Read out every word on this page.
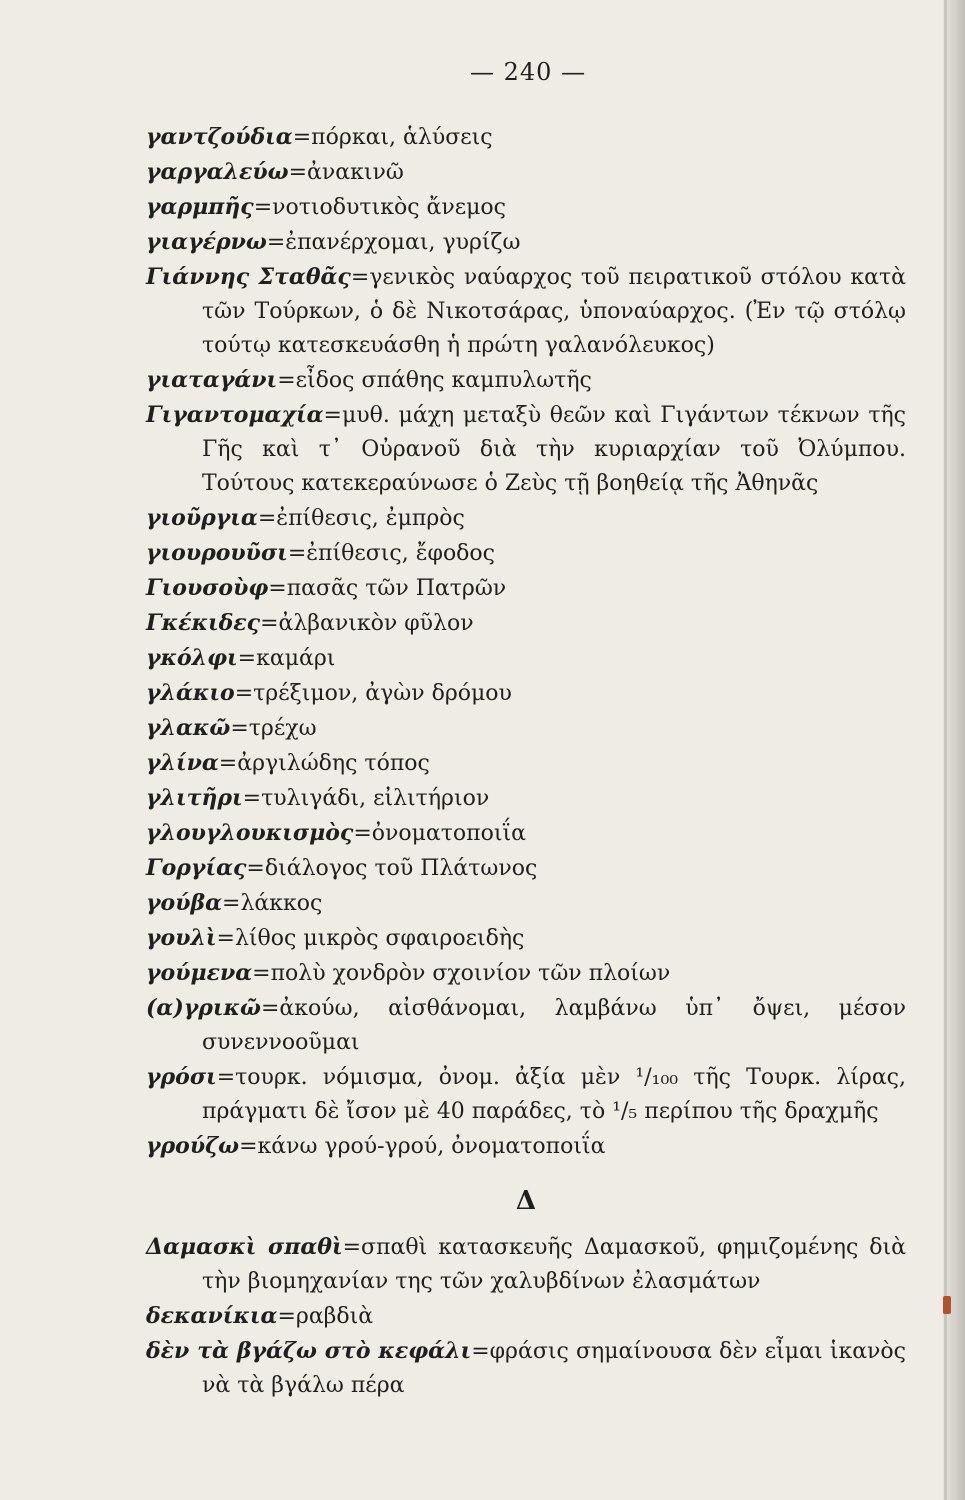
— 240 —

γαντζούδια=πόρκαι, ἁλύσεις

γαργαλεύω=ἀνακινῶ

γαρμπῆς=νοτιοδυτικὸς ἄνεμος

γιαγέρνω=ἐπανέρχομαι, γυρίζω

Γιάννης Σταθᾶς=γενικὸς ναύαρχος τοῦ πειρατικοῦ στόλου κατὰ τῶν Τούρκων, ὁ δὲ Νικοτσάρας, ὑποναύαρχος. (Ἐν τῷ στόλῳ τούτῳ κατεσκευάσθη ἡ πρώτη γαλανόλευκος)

γιαταγάνι=εἶδος σπάθης καμπυλωτῆς

Γιγαντομαχία=μυθ. μάχη μεταξὺ θεῶν καὶ Γιγάντων τέκνων τῆς Γῆς καὶ τ᾽ Οὐρανοῦ διὰ τὴν κυριαρχίαν τοῦ Ὀλύμπου. Τούτους κατεκεραύνωσε ὁ Ζεὺς τῇ βοηθείᾳ τῆς Ἀθηνᾶς

γιοῦργια=ἐπίθεσις, ἐμπρὸς

γιουρουῦσι=ἐπίθεσις, ἔφοδος

Γιουσοὺφ=πασᾶς τῶν Πατρῶν

Γκέκιδες=ἀλβανικὸν φῦλον

γκόλφι=καμάρι

γλάκιο=τρέξιμον, ἀγὼν δρόμου

γλακῶ=τρέχω

γλίνα=ἀργιλώδης τόπος

γλιτῆρι=τυλιγάδι, εἰλιτήριον

γλουγλουκισμὸς=ὀνοματοποιΐα

Γοργίας=διάλογος τοῦ Πλάτωνος

γούβα=λάκκος

γουλὶ=λίθος μικρὸς σφαιροειδὴς

γούμενα=πολὺ χονδρὸν σχοινίον τῶν πλοίων

(α)γρικῶ=ἀκούω, αἰσθάνομαι, λαμβάνω ὑπ᾽ ὄψει, μέσον συνεννοοῦμαι

γρόσι=τουρκ. νόμισμα, ὀνομ. ἀξία μὲν ¹/₁₀₀ τῆς Τουρκ. λίρας, πράγματι δὲ ἴσον μὲ 40 παράδες, τὸ ¹/₅ περίπου τῆς δραχμῆς

γρούζω=κάνω γρού-γρού, ὀνοματοποιΐα

Δ

Δαμασκὶ σπαθὶ=σπαθὶ κατασκευῆς Δαμασκοῦ, φημιζομένης διὰ τὴν βιομηχανίαν της τῶν χαλυβδίνων ἐλασμάτων

δεκανίκια=ραβδιὰ

δὲν τὰ βγάζω στὸ κεφάλι=φράσις σημαίνουσα δὲν εἶμαι ἱκανὸς νὰ τὰ βγάλω πέρα
